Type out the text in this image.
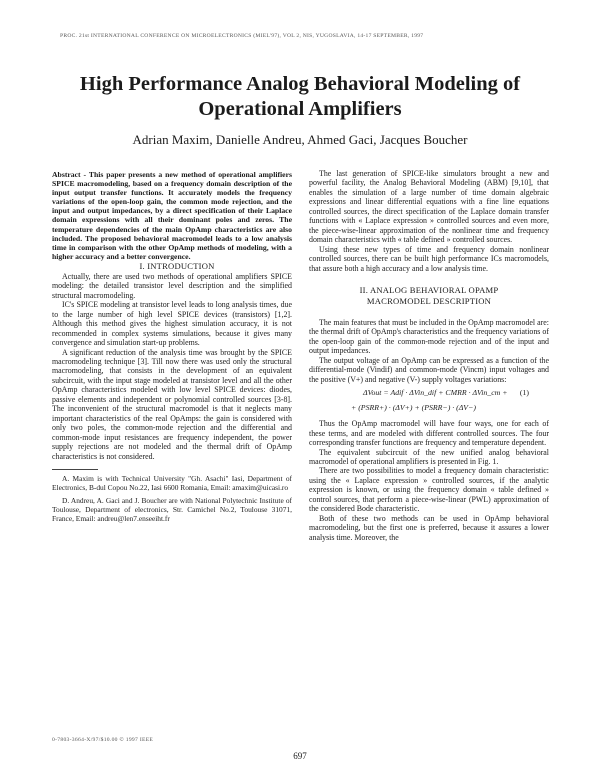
PROC. 21st INTERNATIONAL CONFERENCE ON MICROELECTRONICS (MIEL'97), VOL 2, NIS, YUGOSLAVIA, 14-17 SEPTEMBER, 1997
High Performance Analog Behavioral Modeling of Operational Amplifiers
Adrian Maxim, Danielle Andreu, Ahmed Gaci, Jacques Boucher

Abstract - This paper presents a new method of operational amplifiers SPICE macromodeling, based on a frequency domain description of the input output transfer functions. It accurately models the frequency variations of the open-loop gain, the common mode rejection, and the input and output impedances, by a direct specification of their Laplace domain expressions with all their dominant poles and zeros. The temperature dependencies of the main OpAmp characteristics are also included. The proposed behavioral macromodel leads to a low analysis time in comparison with the other OpAmp methods of modeling, with a higher accuracy and a better convergence.

I. INTRODUCTION

Actually, there are used two methods of operational amplifiers SPICE modeling: the detailed transistor level description and the simplified structural macromodeling.

IC's SPICE modeling at transistor level leads to long analysis times, due to the large number of high level SPICE devices (transistors) [1,2]. Although this method gives the highest simulation accuracy, it is not recommended in complex systems simulations, because it gives many convergence and simulation start-up problems.

A significant reduction of the analysis time was brought by the SPICE macromodeling technique [3]. Till now there was used only the structural macromodeling, that consists in the development of an equivalent subcircuit, with the input stage modeled at transistor level and all the other OpAmp characteristics modeled with low level SPICE devices: diodes, passive elements and independent or polynomial controlled sources [3-8]. The inconvenient of the structural macromodel is that it neglects many important characteristics of the real OpAmps: the gain is considered with only two poles, the common-mode rejection and the differential and common-mode input resistances are frequency independent, the power supply rejections are not modeled and the thermal drift of OpAmp characteristics is not considered.

A. Maxim is with Technical University "Gh. Asachi" Iasi, Department of Electronics, B-dul Copou No.22, Iasi 6600 Romania, Email: amaxim@uicasi.ro

D. Andreu, A. Gaci and J. Boucher are with National Polytechnic Institute of Toulouse, Department of electronics, Str. Camichel No.2, Toulouse 31071, France, Email: andreu@len7.enseeiht.fr

The last generation of SPICE-like simulators brought a new and powerful facility, the Analog Behavioral Modeling (ABM) [9,10], that enables the simulation of a large number of time domain algebraic expressions and linear differential equations with a fine line equations controlled sources, the direct specification of the Laplace domain transfer functions with « Laplace expression » controlled sources and even more, the piece-wise-linear approximation of the nonlinear time and frequency domain characteristics with « table defined » controlled sources.

Using these new types of time and frequency domain nonlinear controlled sources, there can be built high performance ICs macromodels, that assure both a high accuracy and a low analysis time.

II. ANALOG BEHAVIORAL OPAMP
MACROMODEL DESCRIPTION

The main features that must be included in the OpAmp macromodel are: the thermal drift of OpAmp's characteristics and the frequency variations of the open-loop gain of the common-mode rejection and of the input and output impedances.

The output voltage of an OpAmp can be expressed as a function of the differential-mode (Vindif) and common-mode (Vincm) input voltages and the positive (V+) and negative (V-) supply voltages variations:

ΔVout = Adif · ΔVin_dif + CMRR · ΔVin_cm + (1)
+ (PSRR+) · (ΔV+) + (PSRR−) · (ΔV−)

Thus the OpAmp macromodel will have four ways, one for each of these terms, and are modeled with different controlled sources. The four corresponding transfer functions are frequency and temperature dependent.

The equivalent subcircuit of the new unified analog behavioral macromodel of operational amplifiers is presented in Fig. 1.

There are two possibilities to model a frequency domain characteristic: using the « Laplace expression » controlled sources, if the analytic expression is known, or using the frequency domain « table defined » control sources, that perform a piece-wise-linear (PWL) approximation of the considered Bode characteristic.

Both of these two methods can be used in OpAmp behavioral macromodeling, but the first one is preferred, because it assures a lower analysis time. Moreover, the

0-7803-3664-X/97/$10.00 © 1997 IEEE
697
